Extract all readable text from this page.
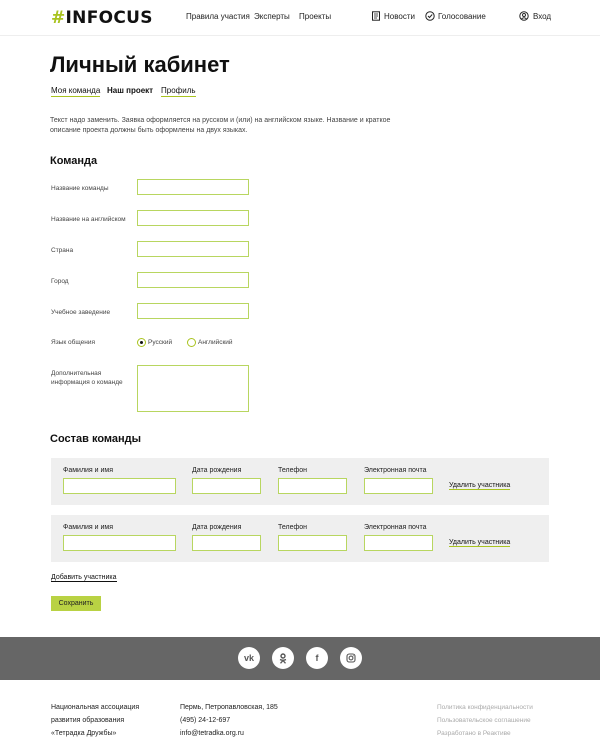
#INFOCUS	Правила участия Эксперты Проекты	Новости	Голосование	Вход
Личный кабинет
Моя команда Наш проект Профиль
Текст надо заменить. Заявка оформляется на русском и (или) на английском языке. Название и краткое описание проекта должны быть оформлены на двух языках.
Команда
Название команды
Название на английском
Страна
Город
Учебное заведение
Язык общения	Русский	Английский
Дополнительная информация о команде
Состав команды
Фамилия и имя	Дата рождения	Телефон	Электронная почта
Удалить участника
Фамилия и имя	Дата рождения	Телефон	Электронная почта
Удалить участника
Добавить участника
Сохранить
vk	f
Национальная ассоциация
развития образования
«Тетрадка Дружбы»
Пермь, Петропавловская, 185
(495) 24-12-697
info@tetradka.org.ru
Политика конфиденциальности
Пользовательское соглашение
Разработано в Реактиве
